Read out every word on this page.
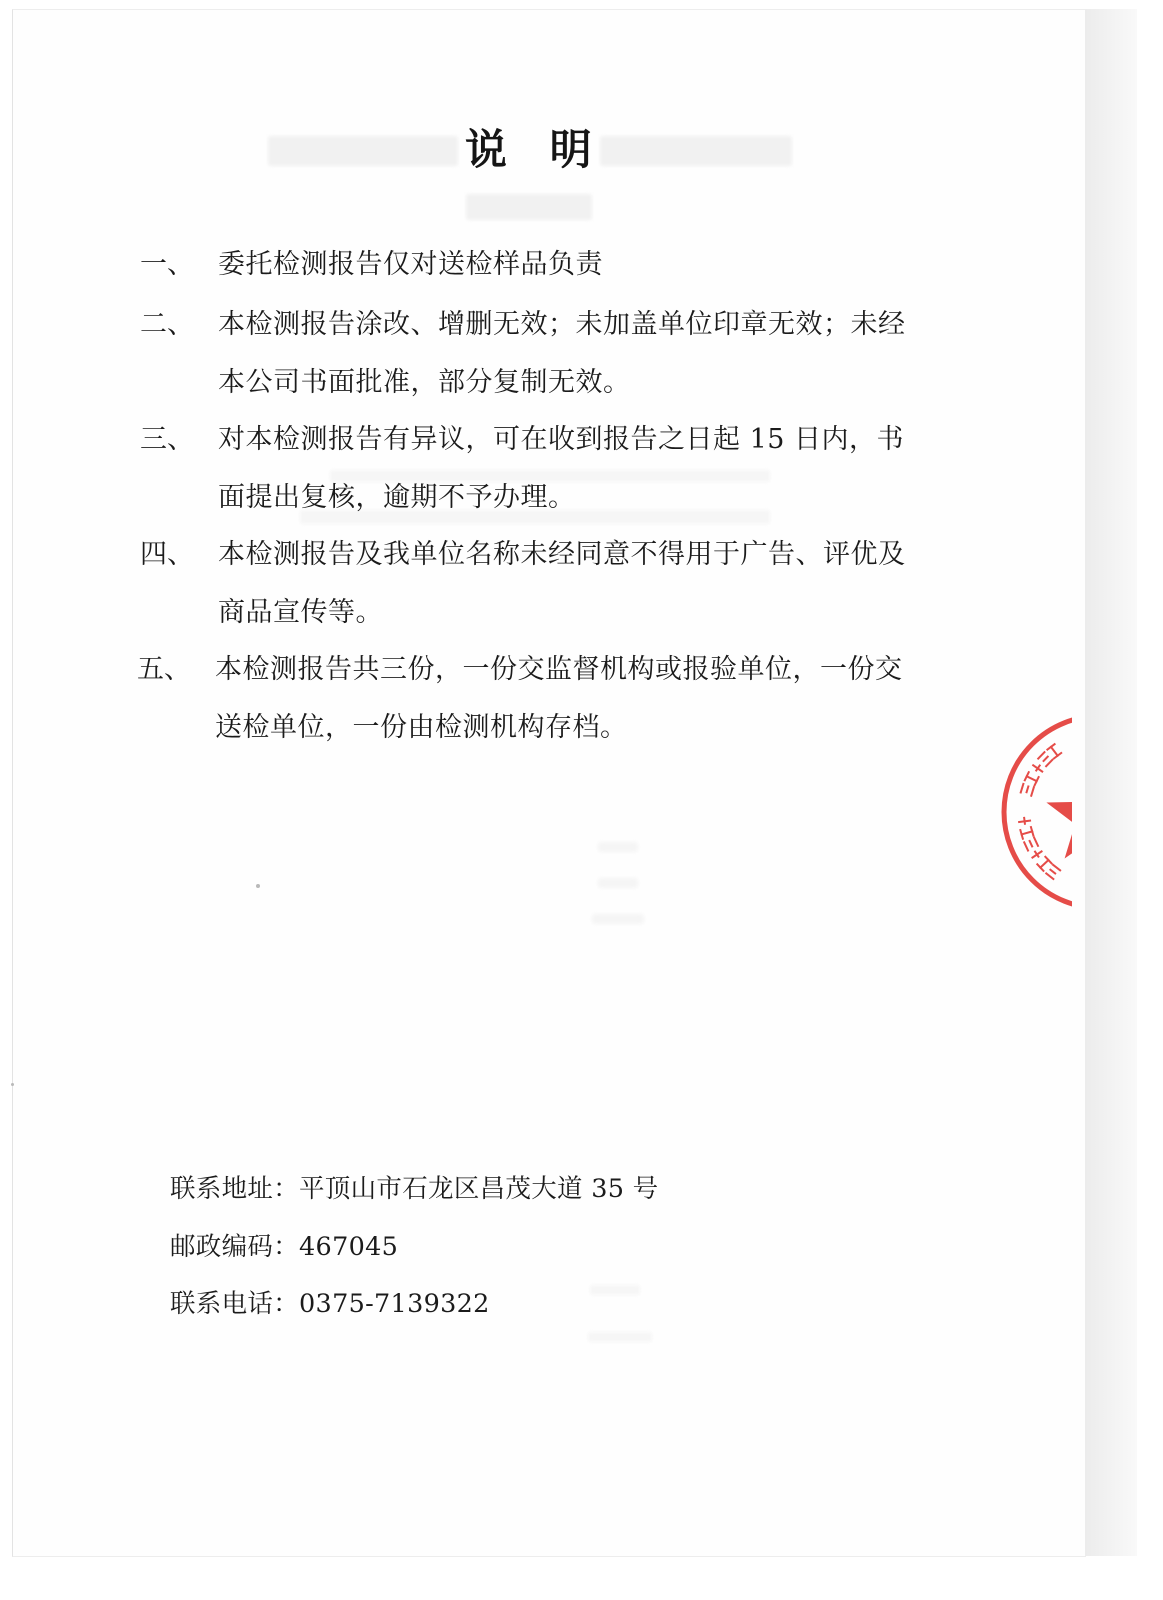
说 明
一、 委托检测报告仅对送检样品负责
二、 本检测报告涂改、增删无效；未加盖单位印章无效；未经
本公司书面批准，部分复制无效。
三、 对本检测报告有异议，可在收到报告之日起 15 日内，书
面提出复核，逾期不予办理。
四、 本检测报告及我单位名称未经同意不得用于广告、评优及
商品宣传等。
五、 本检测报告共三份，一份交监督机构或报验单位，一份交
送检单位，一份由检测机构存档。
联系地址：平顶山市石龙区昌茂大道 35 号
邮政编码：467045
联系电话：0375-7139322
